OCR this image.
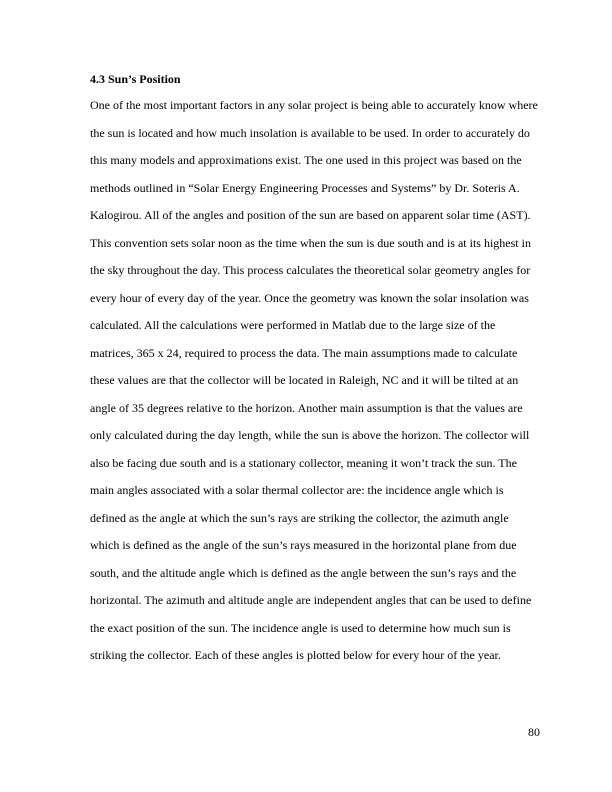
4.3 Sun’s Position
One of the most important factors in any solar project is being able to accurately know where
the sun is located and how much insolation is available to be used. In order to accurately do
this many models and approximations exist. The one used in this project was based on the
methods outlined in “Solar Energy Engineering Processes and Systems” by Dr. Soteris A.
Kalogirou. All of the angles and position of the sun are based on apparent solar time (AST).
This convention sets solar noon as the time when the sun is due south and is at its highest in
the sky throughout the day. This process calculates the theoretical solar geometry angles for
every hour of every day of the year. Once the geometry was known the solar insolation was
calculated. All the calculations were performed in Matlab due to the large size of the
matrices, 365 x 24, required to process the data. The main assumptions made to calculate
these values are that the collector will be located in Raleigh, NC and it will be tilted at an
angle of 35 degrees relative to the horizon. Another main assumption is that the values are
only calculated during the day length, while the sun is above the horizon. The collector will
also be facing due south and is a stationary collector, meaning it won’t track the sun. The
main angles associated with a solar thermal collector are: the incidence angle which is
defined as the angle at which the sun’s rays are striking the collector, the azimuth angle
which is defined as the angle of the sun’s rays measured in the horizontal plane from due
south, and the altitude angle which is defined as the angle between the sun’s rays and the
horizontal. The azimuth and altitude angle are independent angles that can be used to define
the exact position of the sun. The incidence angle is used to determine how much sun is
striking the collector. Each of these angles is plotted below for every hour of the year.
80
